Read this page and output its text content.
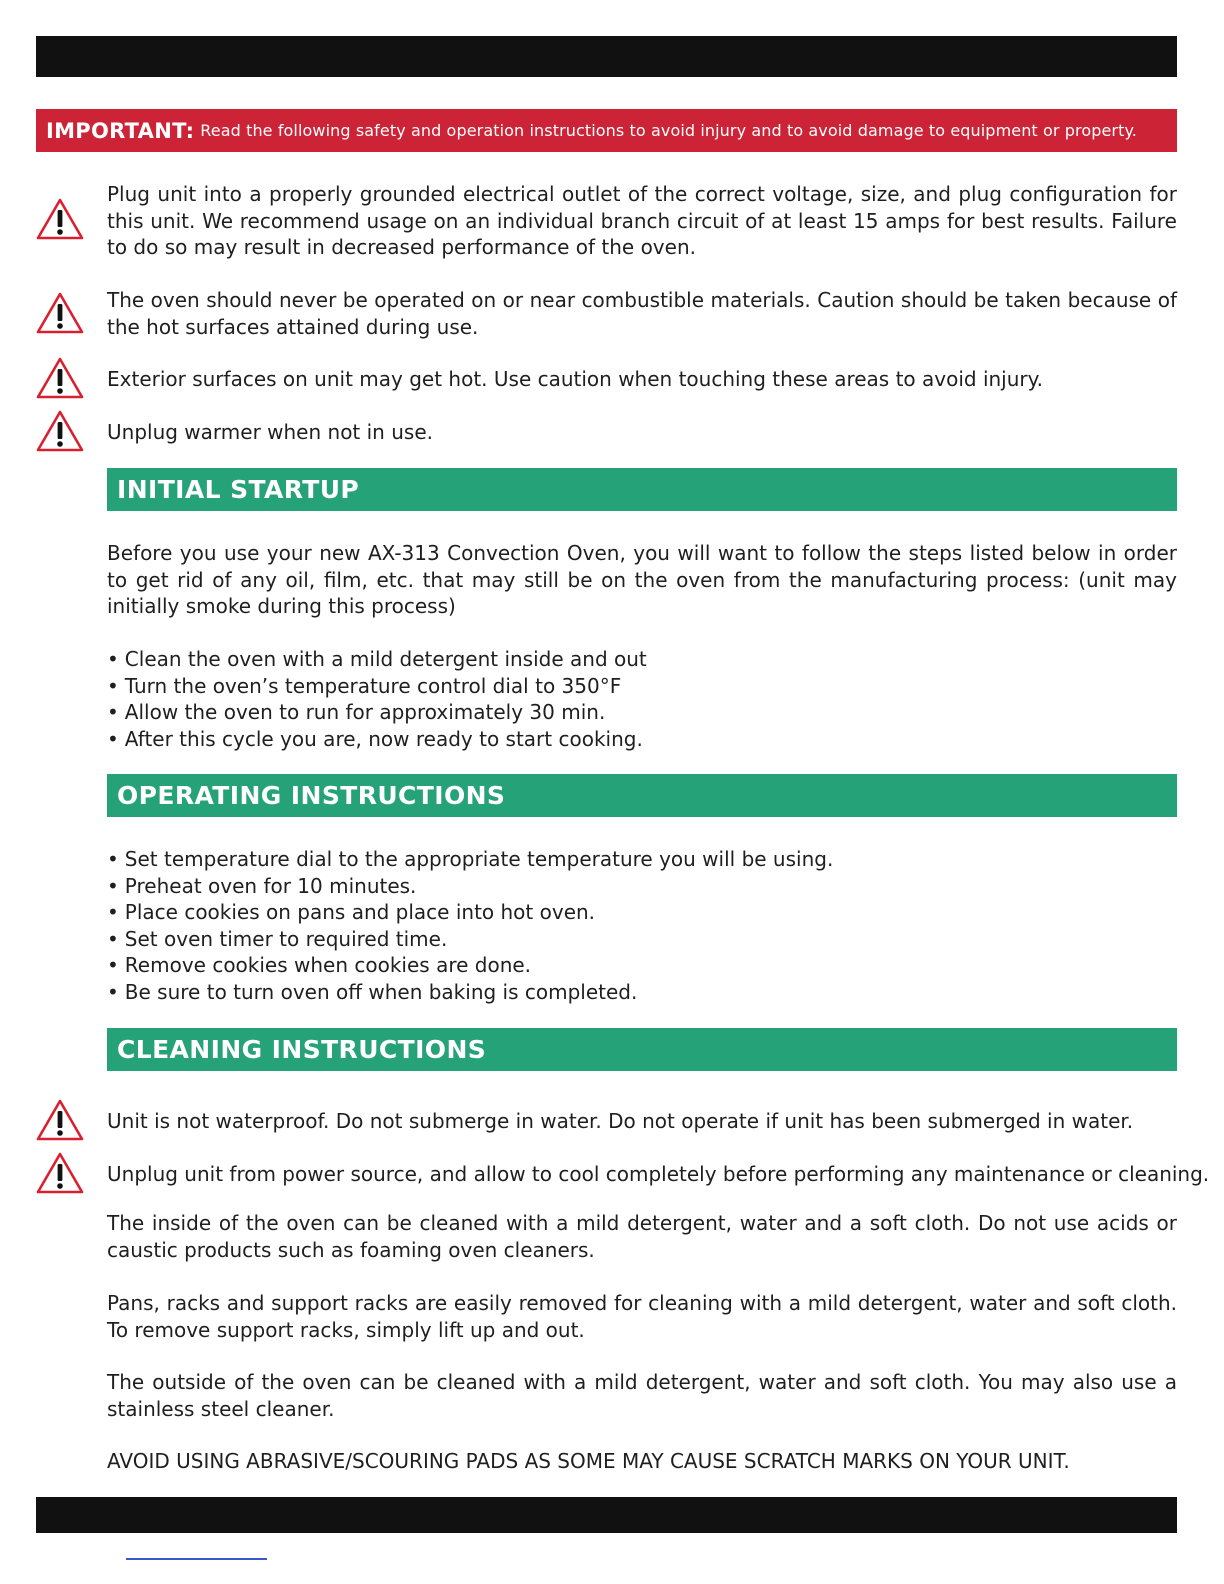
IMPORTANT: Read the following safety and operation instructions to avoid injury and to avoid damage to equipment or property.

Plug unit into a properly grounded electrical outlet of the correct voltage, size, and plug configuration for this unit. We recommend usage on an individual branch circuit of at least 15 amps for best results. Failure to do so may result in decreased performance of the oven.

The oven should never be operated on or near combustible materials. Caution should be taken because of the hot surfaces attained during use.

Exterior surfaces on unit may get hot. Use caution when touching these areas to avoid injury.

Unplug warmer when not in use.

INITIAL STARTUP

Before you use your new AX-313 Convection Oven, you will want to follow the steps listed below in order to get rid of any oil, film, etc. that may still be on the oven from the manufacturing process: (unit may initially smoke during this process)

• Clean the oven with a mild detergent inside and out
• Turn the oven’s temperature control dial to 350°F
• Allow the oven to run for approximately 30 min.
• After this cycle you are, now ready to start cooking.
OPERATING INSTRUCTIONS
• Set temperature dial to the appropriate temperature you will be using.
• Preheat oven for 10 minutes.
• Place cookies on pans and place into hot oven.
• Set oven timer to required time.
• Remove cookies when cookies are done.
• Be sure to turn oven off when baking is completed.
CLEANING INSTRUCTIONS

Unit is not waterproof. Do not submerge in water. Do not operate if unit has been submerged in water.

Unplug unit from power source, and allow to cool completely before performing any maintenance or cleaning.

The inside of the oven can be cleaned with a mild detergent, water and a soft cloth. Do not use acids or caustic products such as foaming oven cleaners.

Pans, racks and support racks are easily removed for cleaning with a mild detergent, water and soft cloth. To remove support racks, simply lift up and out.

The outside of the oven can be cleaned with a mild detergent, water and soft cloth. You may also use a stainless steel cleaner.

AVOID USING ABRASIVE/SCOURING PADS AS SOME MAY CAUSE SCRATCH MARKS ON YOUR UNIT.
